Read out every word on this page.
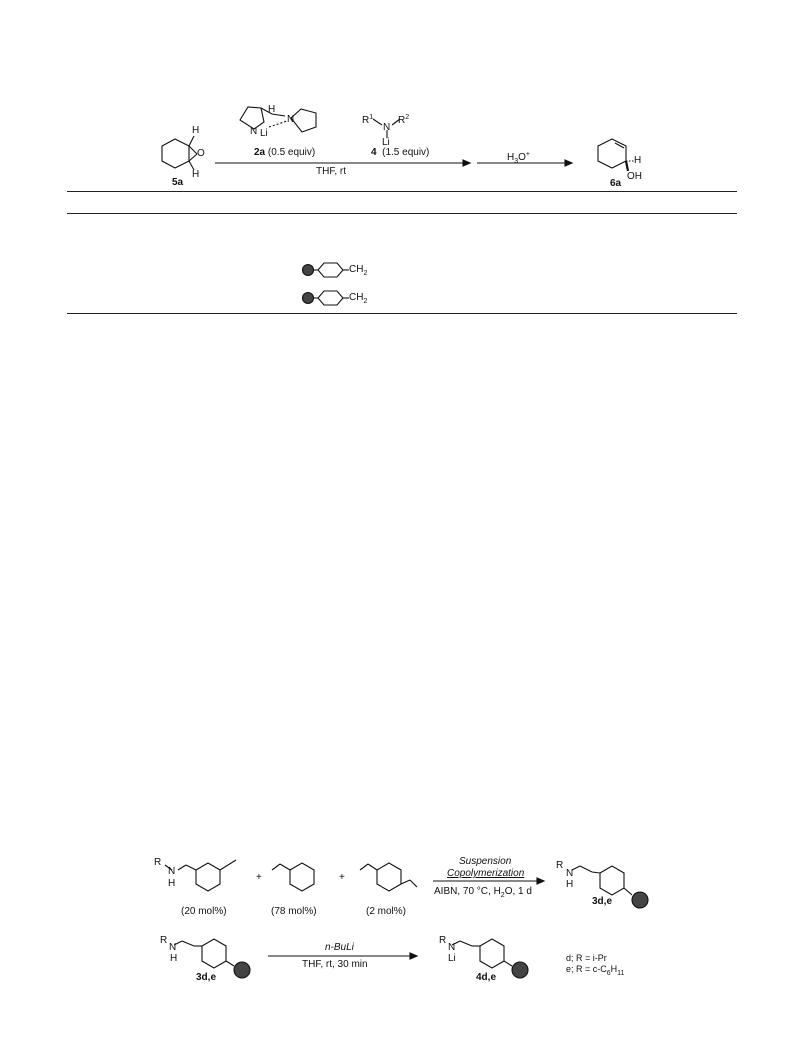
O
H
H
5a
H
N Li
N
2a (0.5 equiv)
$R^1$
N
$R^2$
Li
4 (1.5 equiv)
THF, rt
$H_3O^+$
H
OH
6a
$CH_2$
$CH_2$
R
N
H
(20 mol%)
+
(78 mol%)
+
(2 mol%)
Suspension
Copolymerization
AIBN, 70 °C, $H_2O$, 1 d
R
N
H
3d,e
R
N
H
3d,e
n-BuLi
THF, rt, 30 min
R
N
Li
4d,e
d; R = i-Pr
e; $R = c-C_6H_{11}$
